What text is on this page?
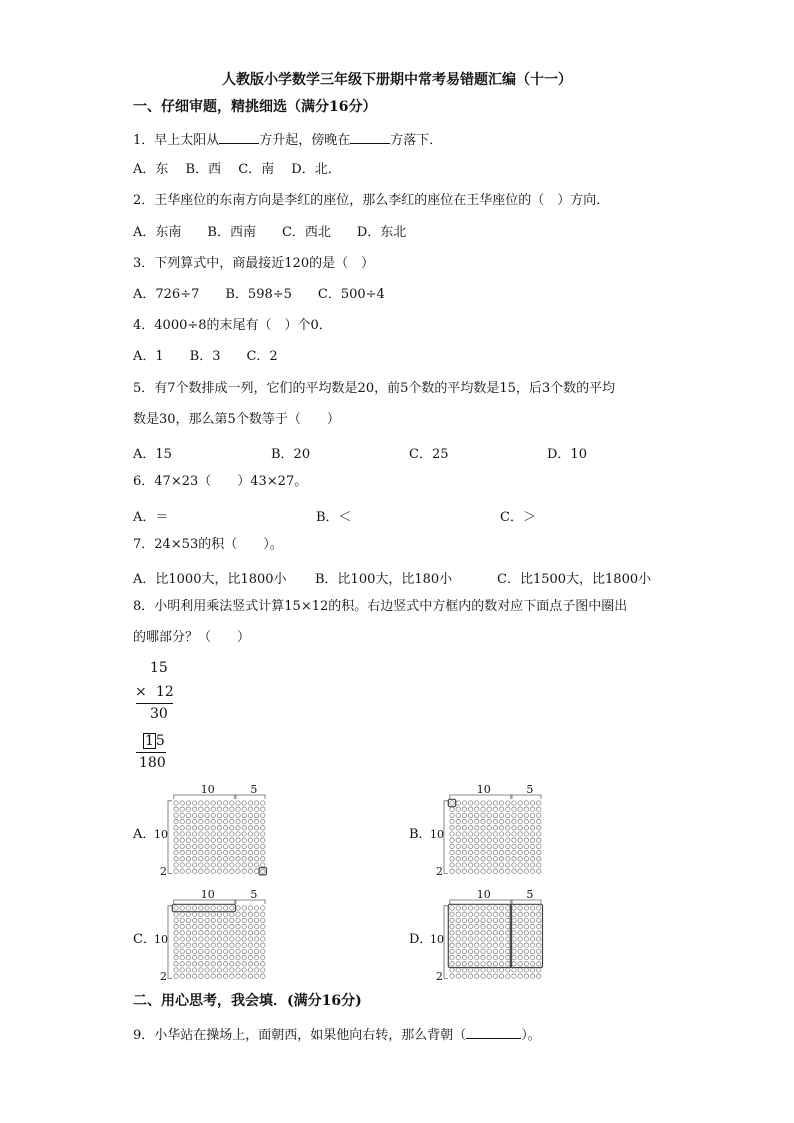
人教版小学数学三年级下册期中常考易错题汇编（十一）
一、仔细审题，精挑细选（满分16分）
1．早上太阳从	方升起，傍晚在	方落下．
A．东　 B．西　 C．南　 D．北．
2．王华座位的东南方向是李红的座位，那么李红的座位在王华座位的（　）方向．
A．东南　　B．西南　　C．西北　　D．东北
3．下列算式中，商最接近120的是（　）
A．726÷7　　B．598÷5　　C．500÷4
4．4000÷8的末尾有（　）个0．
A．1　　B．3　　C．2
5．有7个数排成一列，它们的平均数是20，前5个数的平均数是15，后3个数的平均
数是30，那么第5个数等于（　　）
A．15	B．20	C．25	D．10
6．47×23（　　）43×27。
A．＝	B．＜	C．＞
7．24×53的积（　　）。
A．比1000大，比1800小 B．比100大，比180小	C．比1500大，比1800小
8．小明利用乘法竖式计算15×12的积。右边竖式中方框内的数对应下面点子图中圈出
的哪部分？（　　）
15
× 12
30
1 5
180
A．	B．
C．	D．
10	5
10
2
10	5
10
2
10	5
10
2
10	5
10
2
二、用心思考，我会填．(满分16分)
9．小华站在操场上，面朝西，如果他向右转，那么背朝（	）。
